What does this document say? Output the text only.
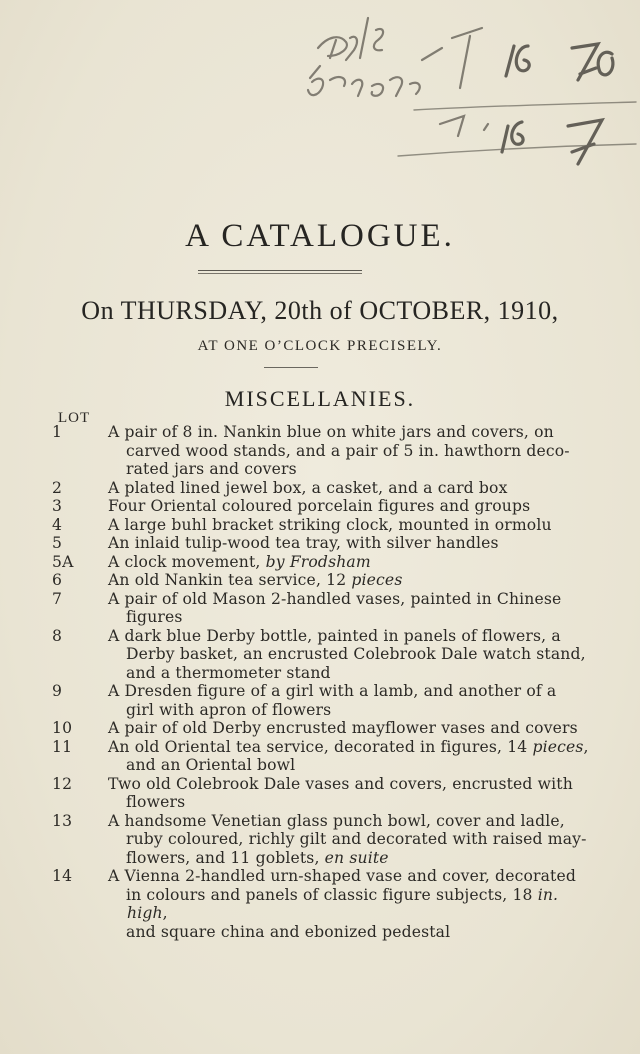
A CATALOGUE.
On THURSDAY, 20th of OCTOBER, 1910,
AT ONE O’CLOCK PRECISELY.
MISCELLANIES.
LOT
1	A pair of 8 in. Nankin blue on white jars and covers, on
carved wood stands, and a pair of 5 in. hawthorn deco-
rated jars and covers
2	A plated lined jewel box, a casket, and a card box
3	Four Oriental coloured porcelain figures and groups
4	A large buhl bracket striking clock, mounted in ormolu
5	An inlaid tulip-wood tea tray, with silver handles
5A	A clock movement, by Frodsham
6	An old Nankin tea service, 12 pieces
7	A pair of old Mason 2-handled vases, painted in Chinese
figures
8	A dark blue Derby bottle, painted in panels of flowers, a
Derby basket, an encrusted Colebrook Dale watch stand,
and a thermometer stand
9	A Dresden figure of a girl with a lamb, and another of a
girl with apron of flowers
10	A pair of old Derby encrusted mayflower vases and covers
11	An old Oriental tea service, decorated in figures, 14 pieces,
and an Oriental bowl
12	Two old Colebrook Dale vases and covers, encrusted with
flowers
13	A handsome Venetian glass punch bowl, cover and ladle,
ruby coloured, richly gilt and decorated with raised may-
flowers, and 11 goblets, en suite
14	A Vienna 2-handled urn-shaped vase and cover, decorated
in colours and panels of classic figure subjects, 18 in. high,
and square china and ebonized pedestal
